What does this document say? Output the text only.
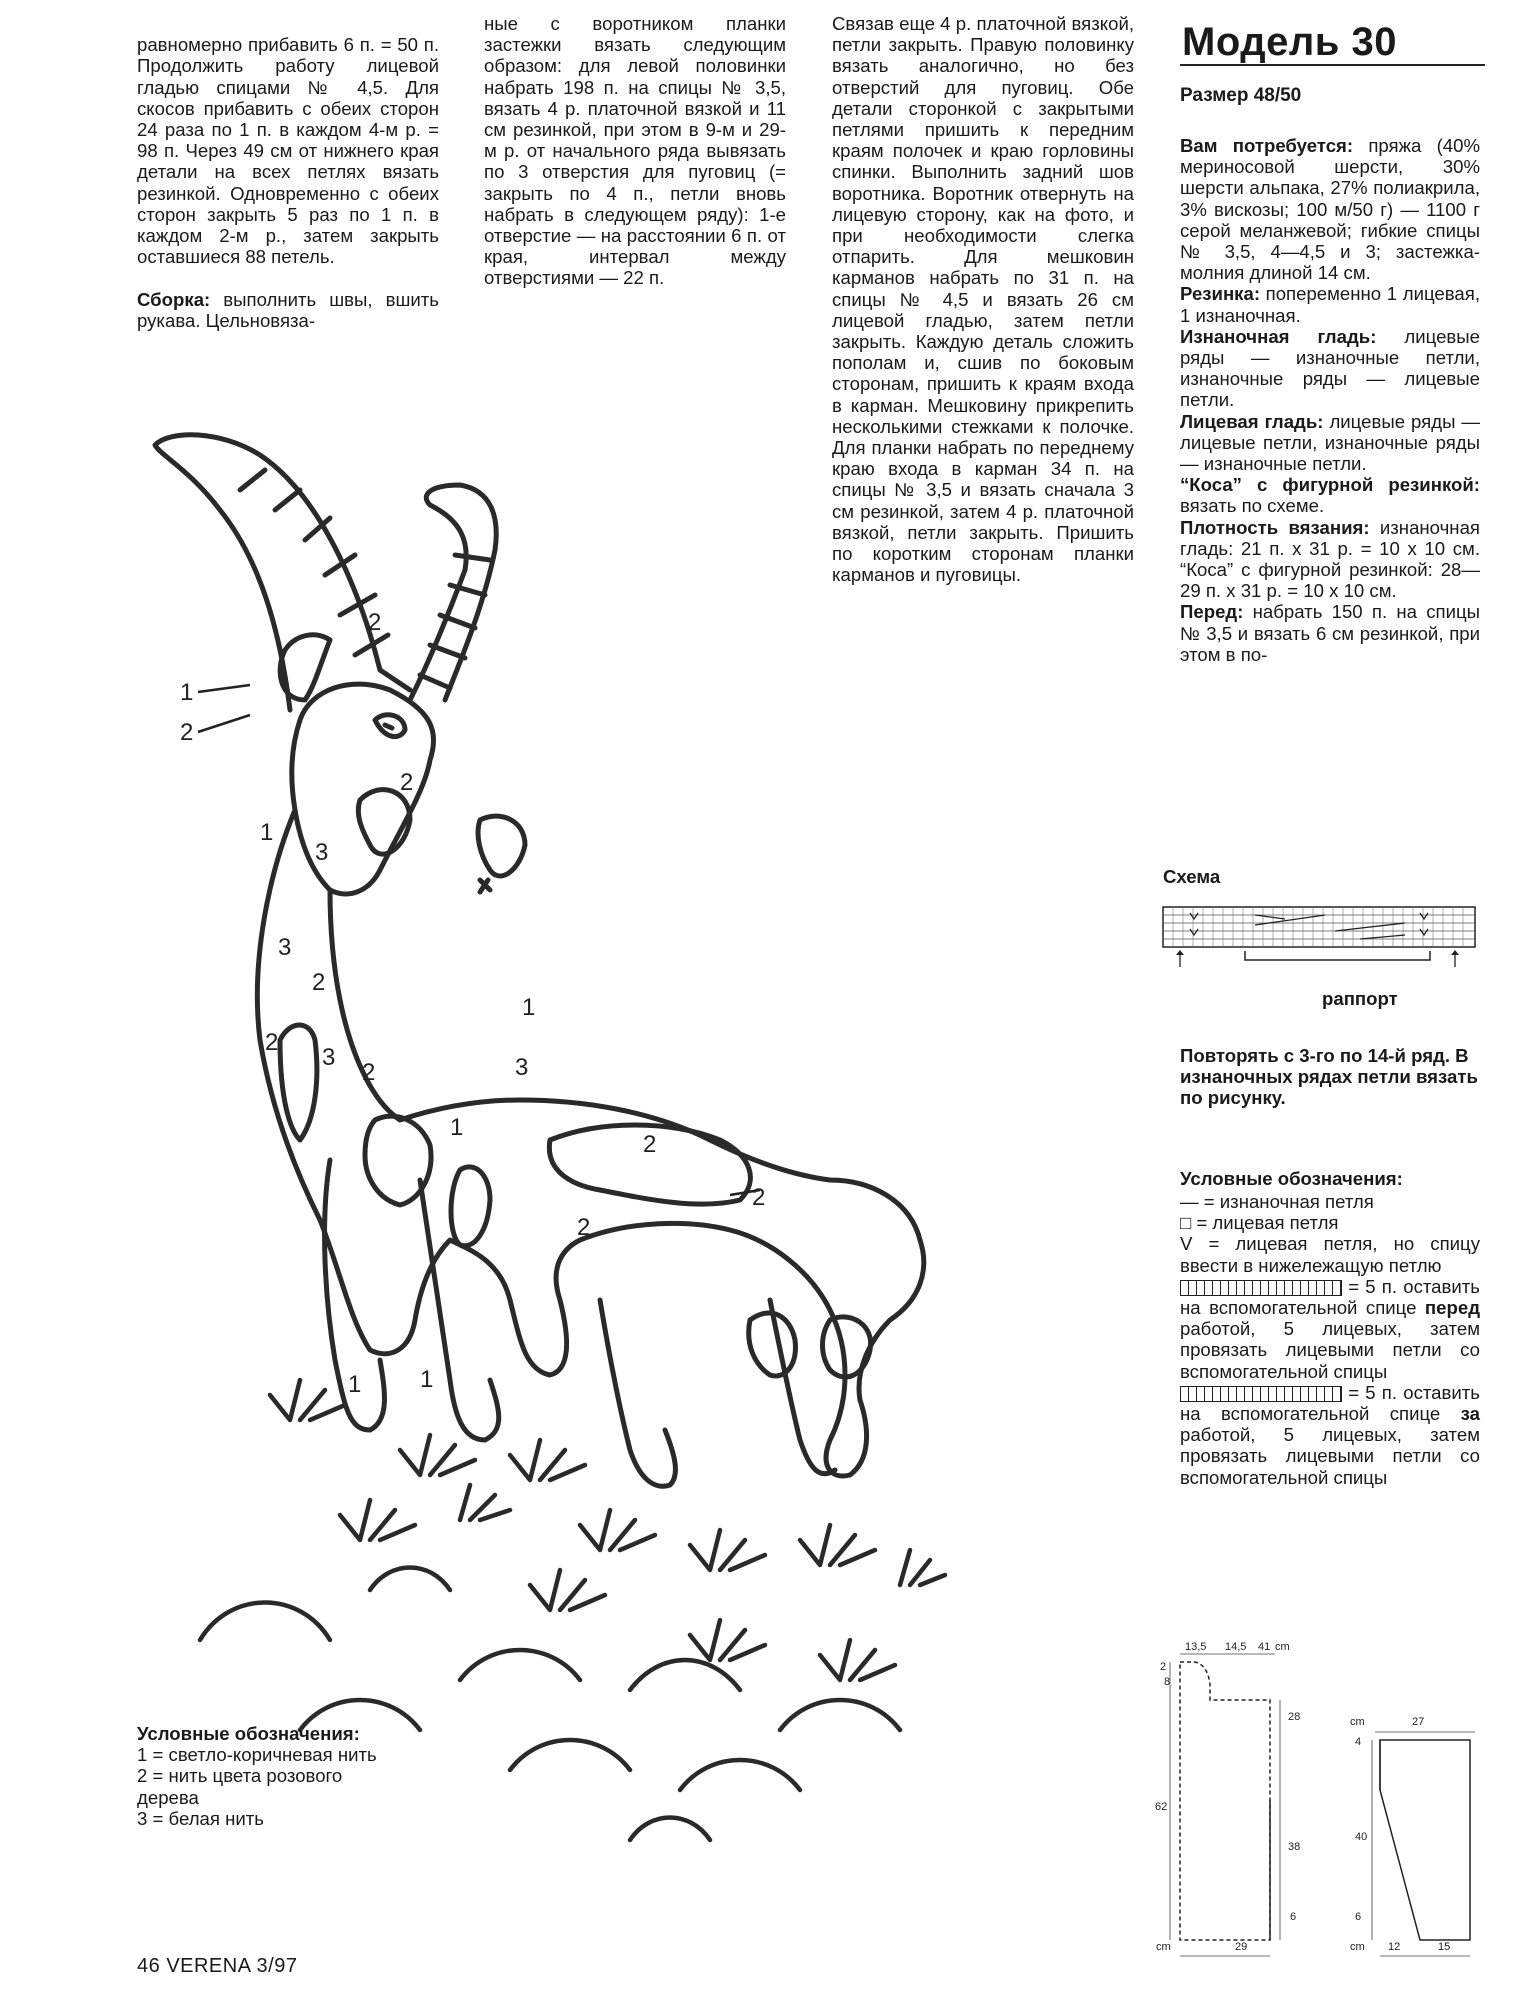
равномерно прибавить 6 п. = 50 п. Продолжить работу лицевой гладью спицами № 4,5. Для скосов прибавить с обеих сторон 24 раза по 1 п. в каждом 4-м р. = 98 п. Через 49 см от нижнего края детали на всех петлях вязать резинкой. Одновременно с обеих сторон закрыть 5 раз по 1 п. в каждом 2-м р., затем закрыть оставшиеся 88 петель.

Сборка: выполнить швы, вшить рукава. Цельновяза-

ные с воротником планки застежки вязать следующим образом: для левой половинки набрать 198 п. на спицы № 3,5, вязать 4 р. платочной вязкой и 11 см резинкой, при этом в 9-м и 29-м р. от начального ряда вывязать по 3 отверстия для пуговиц (= закрыть по 4 п., петли вновь набрать в следующем ряду): 1-е отверстие — на расстоянии 6 п. от края, интервал между отверстиями — 22 п.
Связав еще 4 р. платочной вязкой, петли закрыть. Правую половинку вязать аналогично, но без отверстий для пуговиц. Обе детали сторонкой с закрытыми петлями пришить к передним краям полочек и краю горловины спинки. Выполнить задний шов воротника. Воротник отвернуть на лицевую сторону, как на фото, и при необходимости слегка отпарить. Для мешковин карманов набрать по 31 п. на спицы № 4,5 и вязать 26 см лицевой гладью, затем петли закрыть. Каждую деталь сложить пополам и, сшив по боковым сторонам, пришить к краям входа в карман. Мешковину прикрепить несколькими стежками к полочке. Для планки набрать по переднему краю входа в карман 34 п. на спицы № 3,5 и вязать сначала 3 см резинкой, затем 4 р. платочной вязкой, петли закрыть. Пришить по коротким сторонам планки карманов и пуговицы.
Модель 30
Размер 48/50

Вам потребуется: пряжа (40% мериносовой шерсти, 30% шерсти альпака, 27% полиакрила, 3% вискозы; 100 м/50 г) — 1100 г серой меланжевой; гибкие спицы № 3,5, 4—4,5 и 3; застежка-молния длиной 14 см.

Резинка: попеременно 1 лицевая, 1 изнаночная.

Изнаночная гладь: лицевые ряды — изнаночные петли, изнаночные ряды — лицевые петли.

Лицевая гладь: лицевые ряды — лицевые петли, изнаночные ряды — изнаночные петли.

“Коса” с фигурной резинкой: вязать по схеме.

Плотность вязания: изнаночная гладь: 21 п. х 31 р. = 10 х 10 см. “Коса” с фигурной резинкой: 28—29 п. х 31 р. = 10 х 10 см.

Перед: набрать 150 п. на спицы № 3,5 и вязать 6 см резинкой, при этом в по-

Схема
раппорт
Повторять с 3-го по 14-й ряд. В изнаночных рядах петли вязать по рисунку.
Условные обозначения:

— = изнаночная петля

□ = лицевая петля

V = лицевая петля, но спицу ввести в нижележащую петлю

= 5 п. оставить на вспомогательной спице перед работой, 5 лицевых, затем провязать лицевыми петли со вспомогательной спицы

= 5 п. оставить на вспомогательной спице за работой, 5 лицевых, затем провязать лицевыми петли со вспомогательной спицы

13,5 14,5 41 cm
2
8
62
28
38
6
cm	29
cm	27
4
40
6
cm 12	15
2
2
1
3
3
2
2
3
2
1
3
1
2
2
2
1 1
1
2
Условные обозначения:
1 = светло-коричневая нить
2 = нить цвета розового дерева
3 = белая нить
46 VERENA 3/97
